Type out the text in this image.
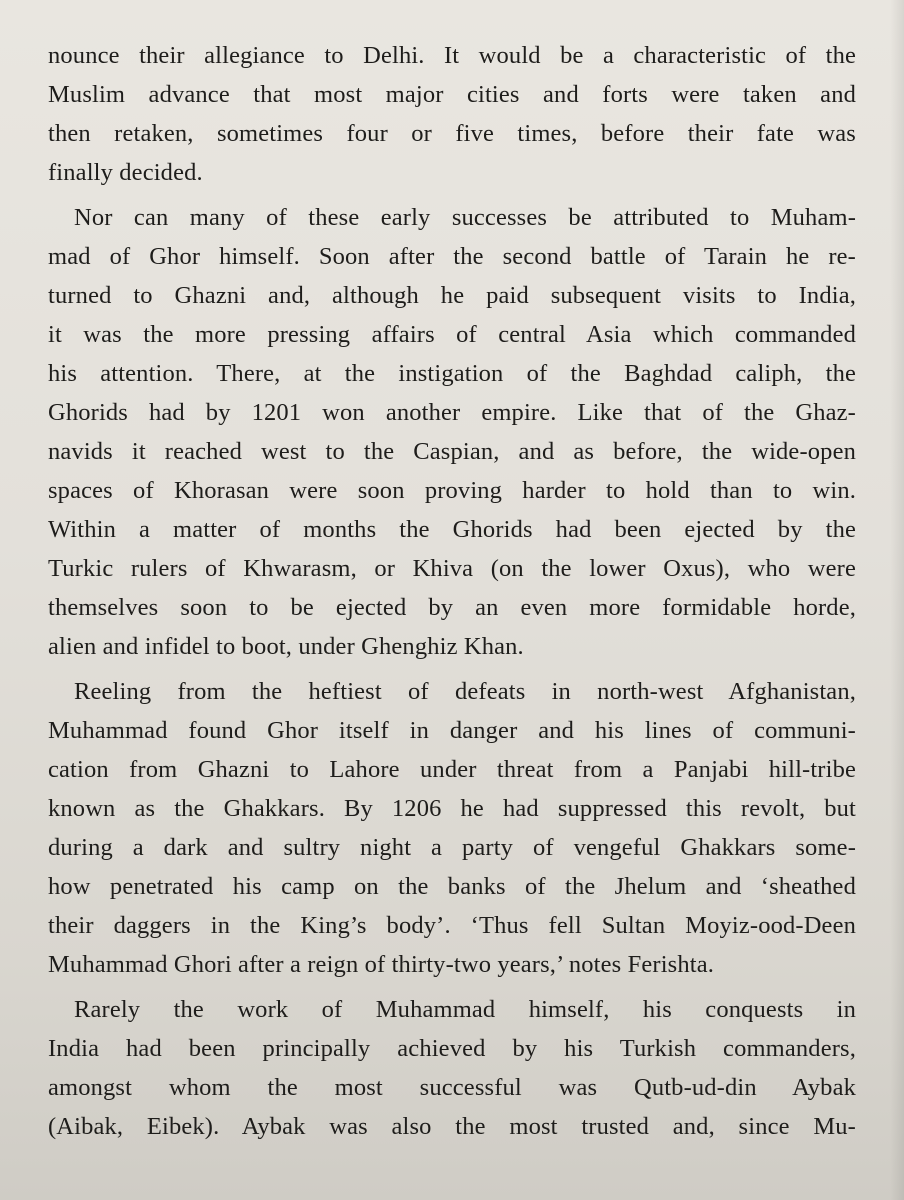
nounce their allegiance to Delhi. It would be a characteristic of the
Muslim advance that most major cities and forts were taken and
then retaken, sometimes four or five times, before their fate was
finally decided.
Nor can many of these early successes be attributed to Muham-
mad of Ghor himself. Soon after the second battle of Tarain he re-
turned to Ghazni and, although he paid subsequent visits to India,
it was the more pressing affairs of central Asia which commanded
his attention. There, at the instigation of the Baghdad caliph, the
Ghorids had by 1201 won another empire. Like that of the Ghaz-
navids it reached west to the Caspian, and as before, the wide-open
spaces of Khorasan were soon proving harder to hold than to win.
Within a matter of months the Ghorids had been ejected by the
Turkic rulers of Khwarasm, or Khiva (on the lower Oxus), who were
themselves soon to be ejected by an even more formidable horde,
alien and infidel to boot, under Ghenghiz Khan.
Reeling from the heftiest of defeats in north-west Afghanistan,
Muhammad found Ghor itself in danger and his lines of communi-
cation from Ghazni to Lahore under threat from a Panjabi hill-tribe
known as the Ghakkars. By 1206 he had suppressed this revolt, but
during a dark and sultry night a party of vengeful Ghakkars some-
how penetrated his camp on the banks of the Jhelum and ‘sheathed
their daggers in the King’s body’. ‘Thus fell Sultan Moyiz-ood-Deen
Muhammad Ghori after a reign of thirty-two years,’ notes Ferishta.
Rarely the work of Muhammad himself, his conquests in
India had been principally achieved by his Turkish commanders,
amongst whom the most successful was Qutb-ud-din Aybak
(Aibak, Eibek). Aybak was also the most trusted and, since Mu-
